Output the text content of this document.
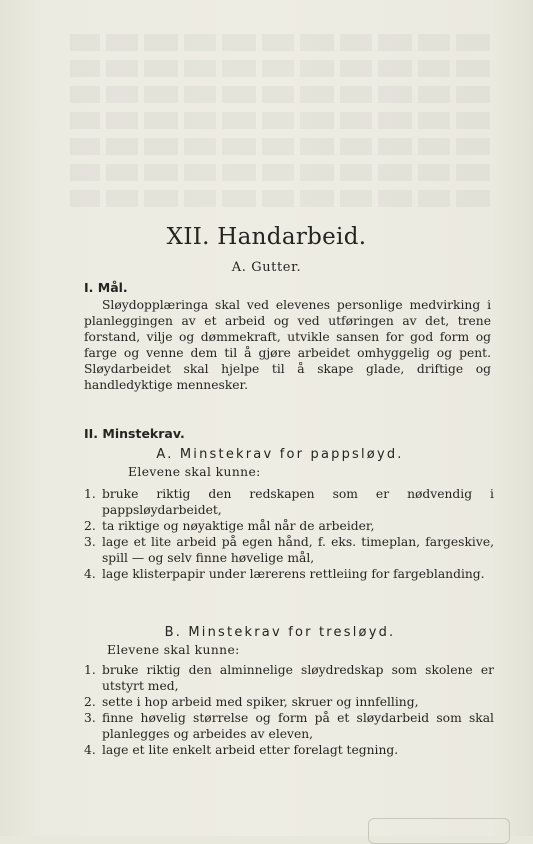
XII. Handarbeid.
A. Gutter.
I. Mål.

Sløydopplæringa skal ved elevenes personlige medvirking i planleggingen av et arbeid og ved utføringen av det, trene forstand, vilje og dømmekraft, utvikle sansen for god form og farge og venne dem til å gjøre arbeidet omhyggelig og pent. Sløydarbeidet skal hjelpe til å skape glade, driftige og handledyktige mennesker.

II. Minstekrav.
A. Minstekrav for pappsløyd.
Elevene skal kunne:
1. bruke riktig den redskapen som er nødvendig i pappsløydarbeidet,
2. ta riktige og nøyaktige mål når de arbeider,
3. lage et lite arbeid på egen hånd, f. eks. timeplan, fargeskive, spill — og selv finne høvelige mål,
4. lage klisterpapir under lærerens rettleiing for fargeblanding.
B. Minstekrav for tresløyd.
Elevene skal kunne:
1. bruke riktig den alminnelige sløydredskap som skolene er utstyrt med,
2. sette i hop arbeid med spiker, skruer og innfelling,
3. finne høvelig størrelse og form på et sløydarbeid som skal planlegges og arbeides av eleven,
4. lage et lite enkelt arbeid etter forelagt tegning.
